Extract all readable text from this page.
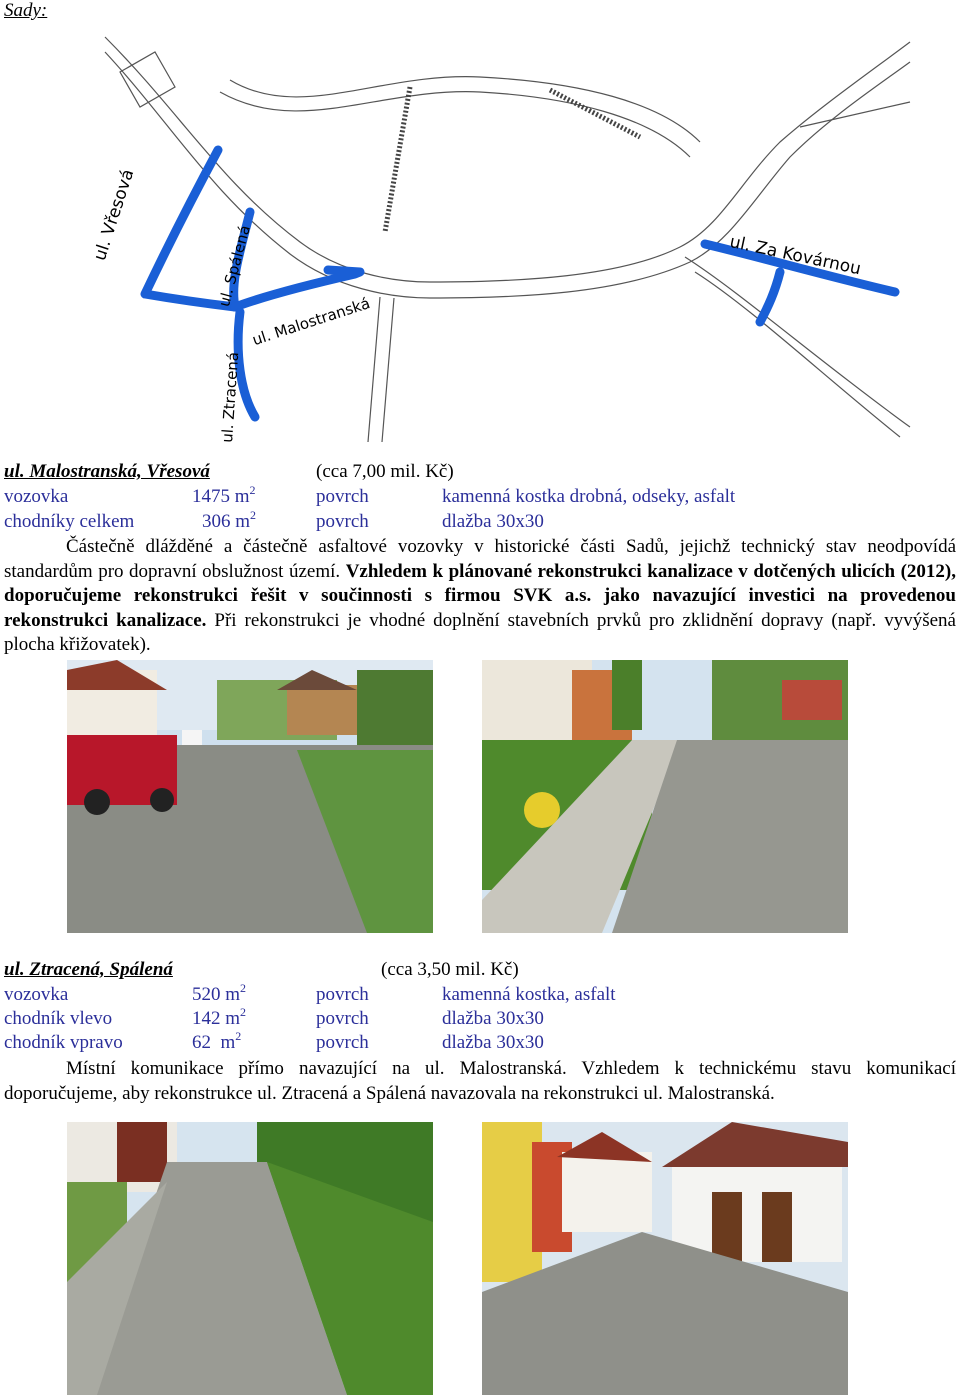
Sady:
ul. Vřesová
ul. Spálená
ul. Malostranská
ul. Ztracená
ul. Za Kovárnou
ul. Malostranská, Vřesová	(cca 7,00 mil. Kč)
vozovka	1475 $m^2$	povrch	kamenná kostka drobná, odseky, asfalt
chodníky celkem	306 $m^2$	povrch	dlažba 30x30

Částečně dlážděné a částečně asfaltové vozovky v historické části Sadů, jejichž technický stav neodpovídá standardům pro dopravní obslužnost území. Vzhledem k plánované rekonstrukci kanalizace v dotčených ulicích (2012), doporučujeme rekonstrukci řešit v součinnosti s firmou SVK a.s. jako navazující investici na provedenou rekonstrukci kanalizace. Při rekonstrukci je vhodné doplnění stavebních prvků pro zklidnění dopravy (např. vyvýšená plocha křižovatek).

ul. Ztracená, Spálená	(cca 3,50 mil. Kč)
vozovka	520 $m^2$	povrch	kamenná kostka, asfalt
chodník vlevo	142 $m^2$	povrch	dlažba 30x30
chodník vpravo	62  $m^2$	povrch	dlažba 30x30

Místní komunikace přímo navazující na ul. Malostranská. Vzhledem k technickému stavu komunikací doporučujeme, aby rekonstrukce ul. Ztracená a Spálená navazovala na rekonstrukci ul. Malostranská.
